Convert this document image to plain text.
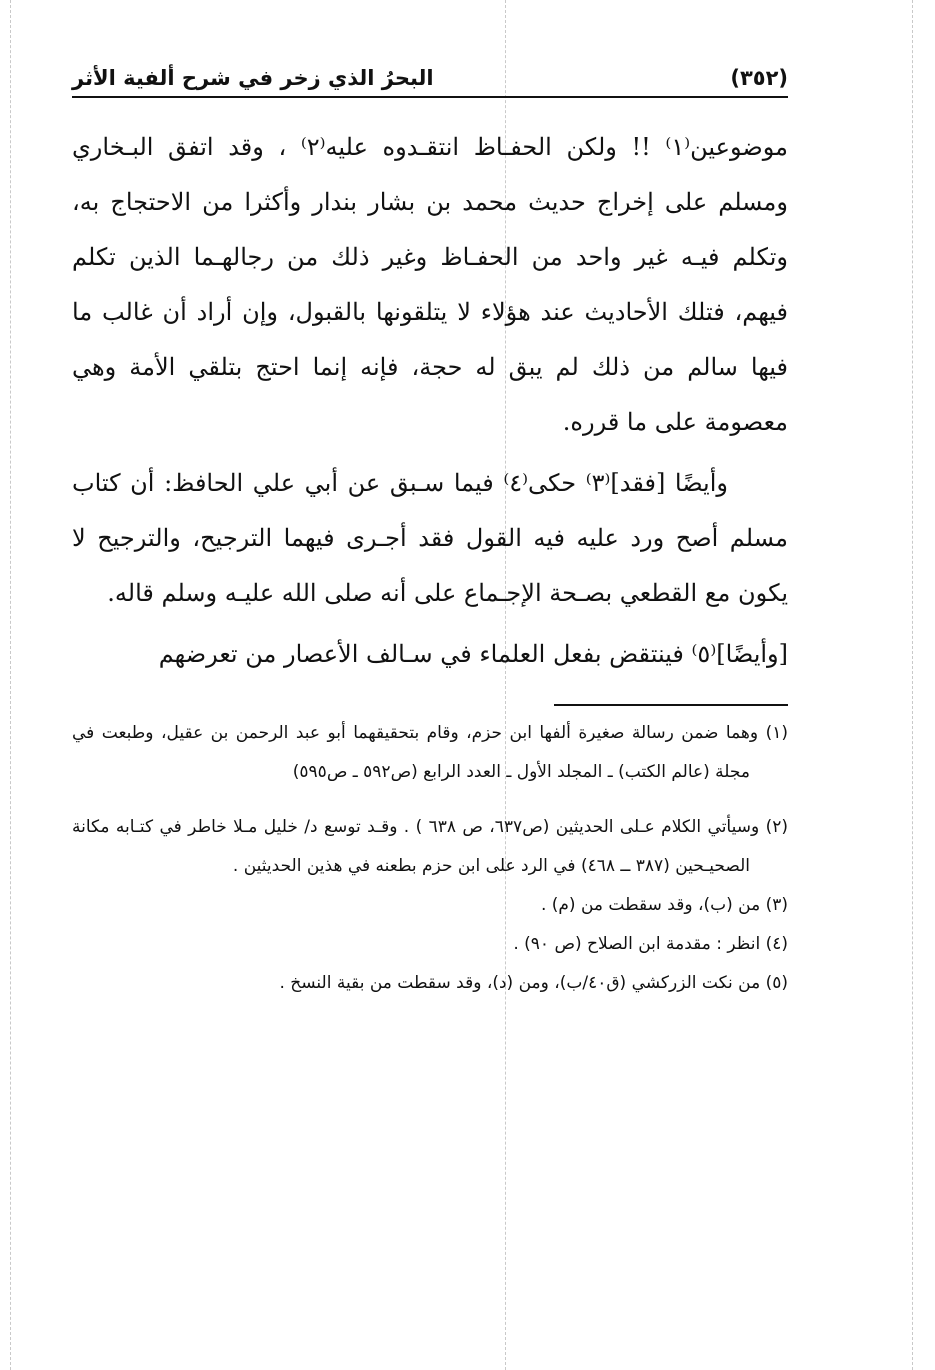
(٣٥٢)
البحرُ الذي زخر في شرح ألفية الأثر

موضوعين⁽١⁾ !! ولكن الحفـاظ انتقـدوه عليه⁽٢⁾ ، وقد اتفق البـخاري ومسلم على إخراج حديث محمد بن بشار بندار وأكثرا من الاحتجاج به، وتكلم فيـه غير واحد من الحفـاظ وغير ذلك من رجالهـما الذين تكلم فيهم، فتلك الأحاديث عند هؤلاء لا يتلقونها بالقبول، وإن أراد أن غالب ما فيها سالم من ذلك لم يبق له حجة، فإنه إنما احتج بتلقي الأمة وهي معصومة على ما قرره.

وأيضًا [فقد]⁽٣⁾ حكى⁽٤⁾ فيما سـبق عن أبي علي الحافظ: أن كتاب مسلم أصح ورد عليه فيه القول فقد أجـرى فيهما الترجيح، والترجيح لا يكون مع القطعي بصـحة الإجـماع على أنه صلى الله عليـه وسلم قاله.

[وأيضًا]⁽٥⁾ فينتقض بفعل العلماء في سـالف الأعصار من تعرضهم

(١) وهما ضمن رسالة صغيرة ألفها ابن حزم، وقام بتحقيقهما أبو عبد الرحمن بن عقيل، وطبعت في مجلة (عالم الكتب) ـ المجلد الأول ـ العدد الرابع (ص٥٩٢ ـ ص٥٩٥)
(٢) وسيأتي الكلام عـلى الحديثين (ص٦٣٧، ص ٦٣٨ ) . وقـد توسع د/ خليل مـلا خاطر في كتـابه مكانة الصحيـحين (٣٨٧ ــ ٤٦٨) في الرد على ابن حزم بطعنه في هذين الحديثين .
(٣) من (ب)، وقد سقطت من (م) .
(٤) انظر : مقدمة ابن الصلاح (ص ٩٠) .
(٥) من نكت الزركشي (ق٤٠/ب)، ومن (د)، وقد سقطت من بقية النسخ .
